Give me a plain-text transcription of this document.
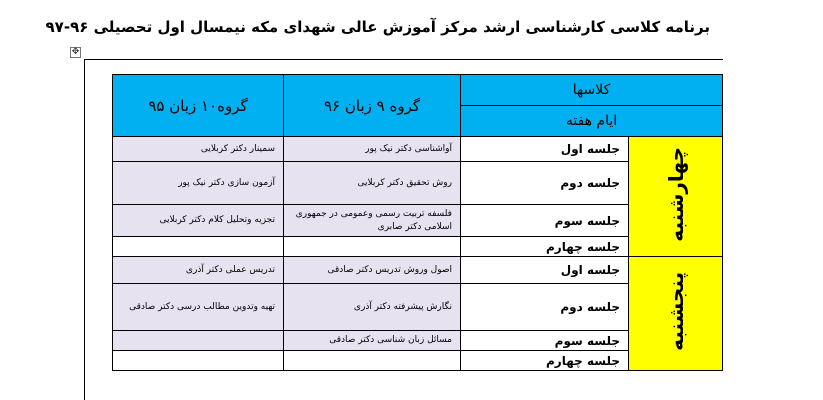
برنامه کلاسی کارشناسی ارشد مرکز آموزش عالی شهدای مکه نیمسال اول تحصیلی ۹۶-۹۷
✥
کلاسها		گروه ۹ زبان ۹۶	گروه۱۰ زبان ۹۵
ایام هفته			
چهارشنبه	جلسه اول	آواشناسی دکتر نیک پور	سمینار دکتر کربلایی
	جلسه دوم	روش تحقیق دکتر کربلایی	آزمون سازی دکتر نیک پور
	جلسه سوم	فلسفه تربیت رسمی وعمومی در جمهوری اسلامی دکتر صابری	تجزیه وتحلیل کلام دکتر کربلایی
	جلسه چهارم		
پنجشنبه	جلسه اول	اصول وروش تدریس دکتر صادقی	تدریس عملی دکتر آذری
	جلسه دوم	نگارش پیشرفته دکتر آذری	تهیه وتدوین مطالب درسی دکتر صادقی
	جلسه سوم	مسائل زبان شناسی دکتر صادقی	
	جلسه چهارم		
